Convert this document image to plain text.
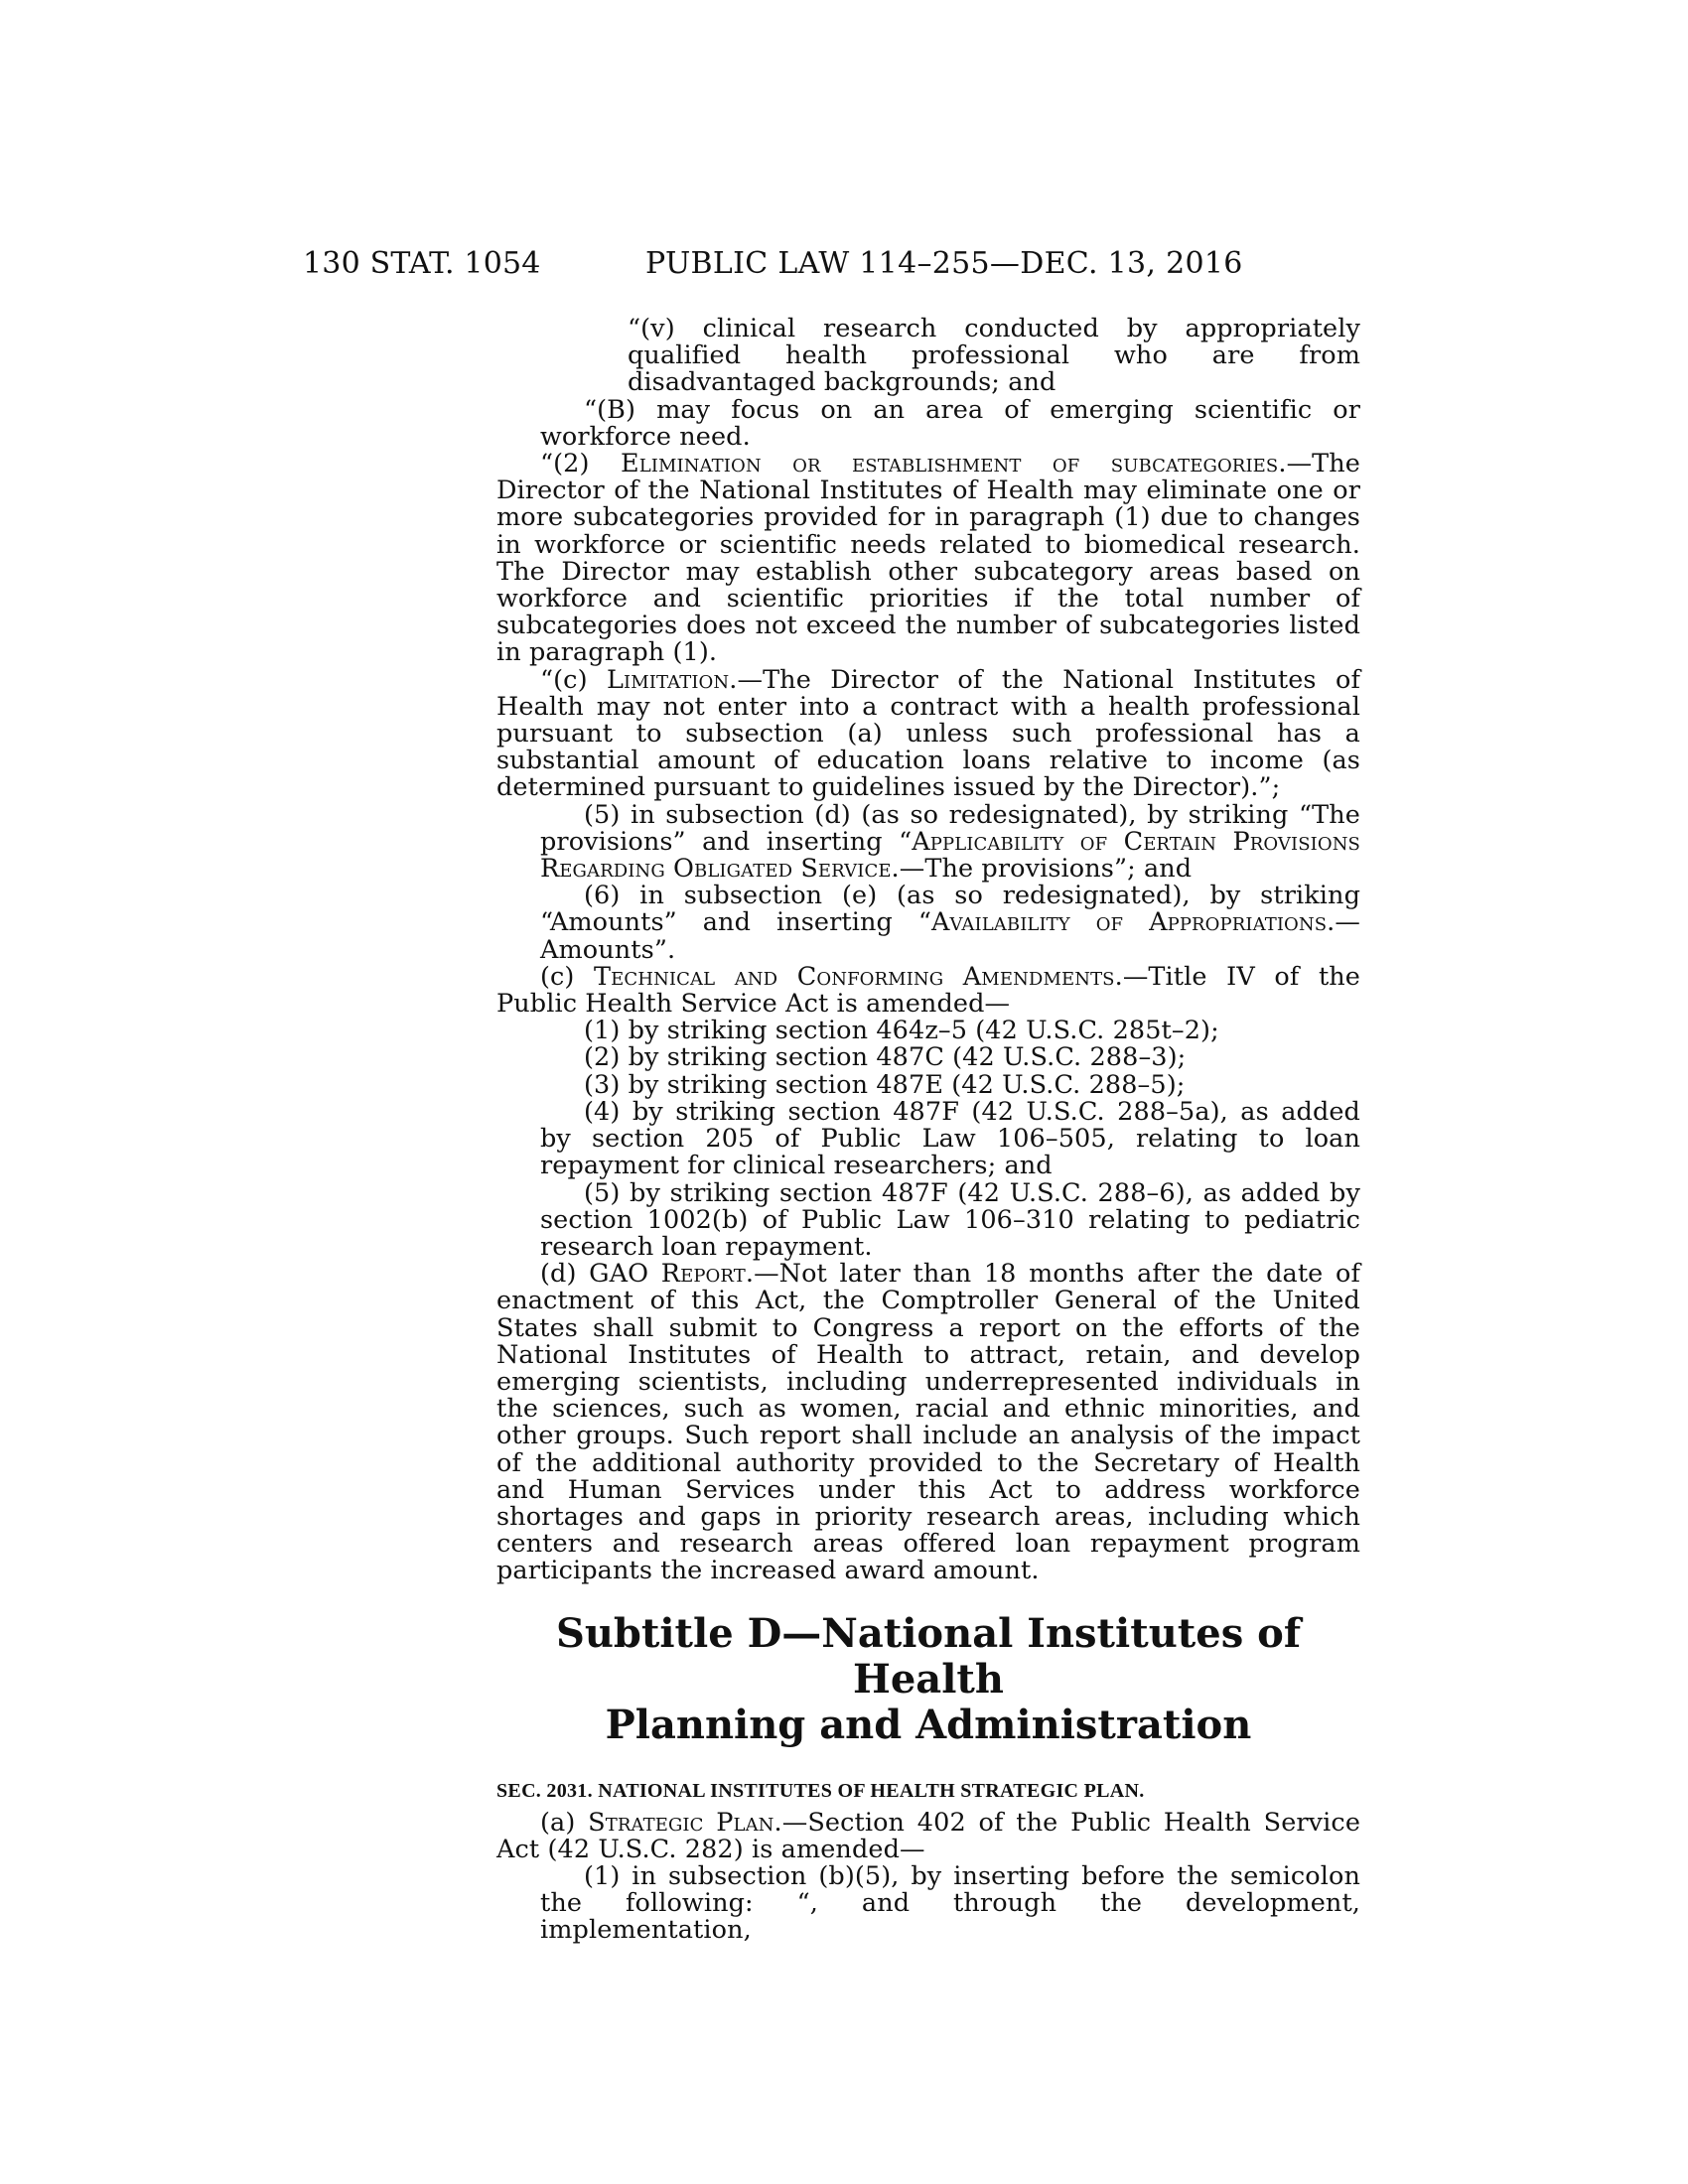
130 STAT. 1054	PUBLIC LAW 114–255—DEC. 13, 2016

“(v) clinical research conducted by appropriately qualified health professional who are from disadvantaged backgrounds; and

“(B) may focus on an area of emerging scientific or workforce need.

“(2) Elimination or establishment of subcategories.—The Director of the National Institutes of Health may eliminate one or more subcategories provided for in paragraph (1) due to changes in workforce or scientific needs related to biomedical research. The Director may establish other subcategory areas based on workforce and scientific priorities if the total number of subcategories does not exceed the number of subcategories listed in paragraph (1).

“(c) Limitation.—The Director of the National Institutes of Health may not enter into a contract with a health professional pursuant to subsection (a) unless such professional has a substantial amount of education loans relative to income (as determined pursuant to guidelines issued by the Director).”;

(5) in subsection (d) (as so redesignated), by striking “The provisions” and inserting “Applicability of Certain Provisions Regarding Obligated Service.—The provisions”; and

(6) in subsection (e) (as so redesignated), by striking “Amounts” and inserting “Availability of Appropriations.—Amounts”.

(c) Technical and Conforming Amendments.—Title IV of the Public Health Service Act is amended—

(1) by striking section 464z–5 (42 U.S.C. 285t–2);

(2) by striking section 487C (42 U.S.C. 288–3);

(3) by striking section 487E (42 U.S.C. 288–5);

(4) by striking section 487F (42 U.S.C. 288–5a), as added by section 205 of Public Law 106–505, relating to loan repayment for clinical researchers; and

(5) by striking section 487F (42 U.S.C. 288–6), as added by section 1002(b) of Public Law 106–310 relating to pediatric research loan repayment.

(d) GAO Report.—Not later than 18 months after the date of enactment of this Act, the Comptroller General of the United States shall submit to Congress a report on the efforts of the National Institutes of Health to attract, retain, and develop emerging scientists, including underrepresented individuals in the sciences, such as women, racial and ethnic minorities, and other groups. Such report shall include an analysis of the impact of the additional authority provided to the Secretary of Health and Human Services under this Act to address workforce shortages and gaps in priority research areas, including which centers and research areas offered loan repayment program participants the increased award amount.

Subtitle D—National Institutes of Health
Planning and Administration

SEC. 2031. NATIONAL INSTITUTES OF HEALTH STRATEGIC PLAN.

(a) Strategic Plan.—Section 402 of the Public Health Service Act (42 U.S.C. 282) is amended—

(1) in subsection (b)(5), by inserting before the semicolon the following: “, and through the development, implementation,
